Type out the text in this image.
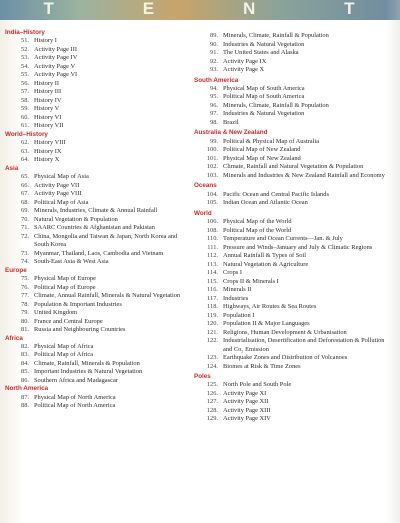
T	E	N	T
India–History
51. History I
52. Activity Page III
53. Activity Page IV
54. Activity Page V
55. Activity Page VI
56. History II
57. History III
58. History IV
59. History V
60. History VI
61. History VII
World–History
62. History VIII
63. History IX
64. History X
Asia
65. Physical Map of Asia
66. Activity Page VII
67. Activity Page VIII
68. Political Map of Asia
69. Minerals, Industries, Climate & Annual Rainfall
70. Natural Vegetation & Population
71. SAARC Countries & Afghanistan and Pakistan
72. China, Mongolia and Taiwan & Japan, North Korea and South Korea
73. Myanmar, Thailand, Laos, Cambodia and Vietnam
74. South-East Asia & West Asia
Europe
75. Physical Map of Europe
76. Political Map of Europe
77. Climate, Annual Rainfall, Minerals & Natural Vegetation
78. Population & Important Industries
79. United Kingdom
80. France and Central Europe
81. Russia and Neighbouring Countries
Africa
82. Physical Map of Africa
83. Political Map of Africa
84. Climate, Rainfall, Minerals & Population
85. Important Industries & Natural Vegetation
86. Southern Africa and Madagascar
North America
87. Physical Map of North America
88. Political Map of North America
89. Minerals, Climate, Rainfall & Population
90. Industries & Natural Vegetation
91. The United States and Alaska
92. Activity Page IX
93. Activity Page X
South America
94. Physical Map of South America
95. Political Map of South America
96. Minerals, Climate, Rainfall & Population
97. Industries & Natural Vegetation
98. Brazil
Australia & New Zealand
99. Political & Physical Map of Australia
100. Political Map of New Zealand
101. Physical Map of New Zealand
102. Climate, Rainfall and Natural Vegetation & Population
103. Minerals and Industries & New Zealand Rainfall and Economy
Oceans
104. Pacific Ocean and Central Pacific Islands
105. Indian Ocean and Atlantic Ocean
World
106. Physical Map of the World
108. Political Map of the World
110. Temperature and Ocean Currents—Jan. & July
111. Pressure and Winds–January and July & Climatic Regions
112. Annual Rainfall & Types of Soil
113. Natural Vegetation & Agriculture
114. Crops I
115. Crops II & Minerals I
116. Minerals II
117. Industries
118. Highways, Air Routes & Sea Routes
119. Population I
120. Population II & Major Languages
121. Religions, Human Development & Urbanisation
122. Industrialisation, Desertification and Deforestation & Pollution and Co₂ Emission
123. Earthquake Zones and Distribution of Volcanoes
124. Biomes at Risk & Time Zones
Poles
125. North Pole and South Pole
126. Activity Page XI
127. Activity Page XII
128. Activity Page XIII
129. Activity Page XIV
